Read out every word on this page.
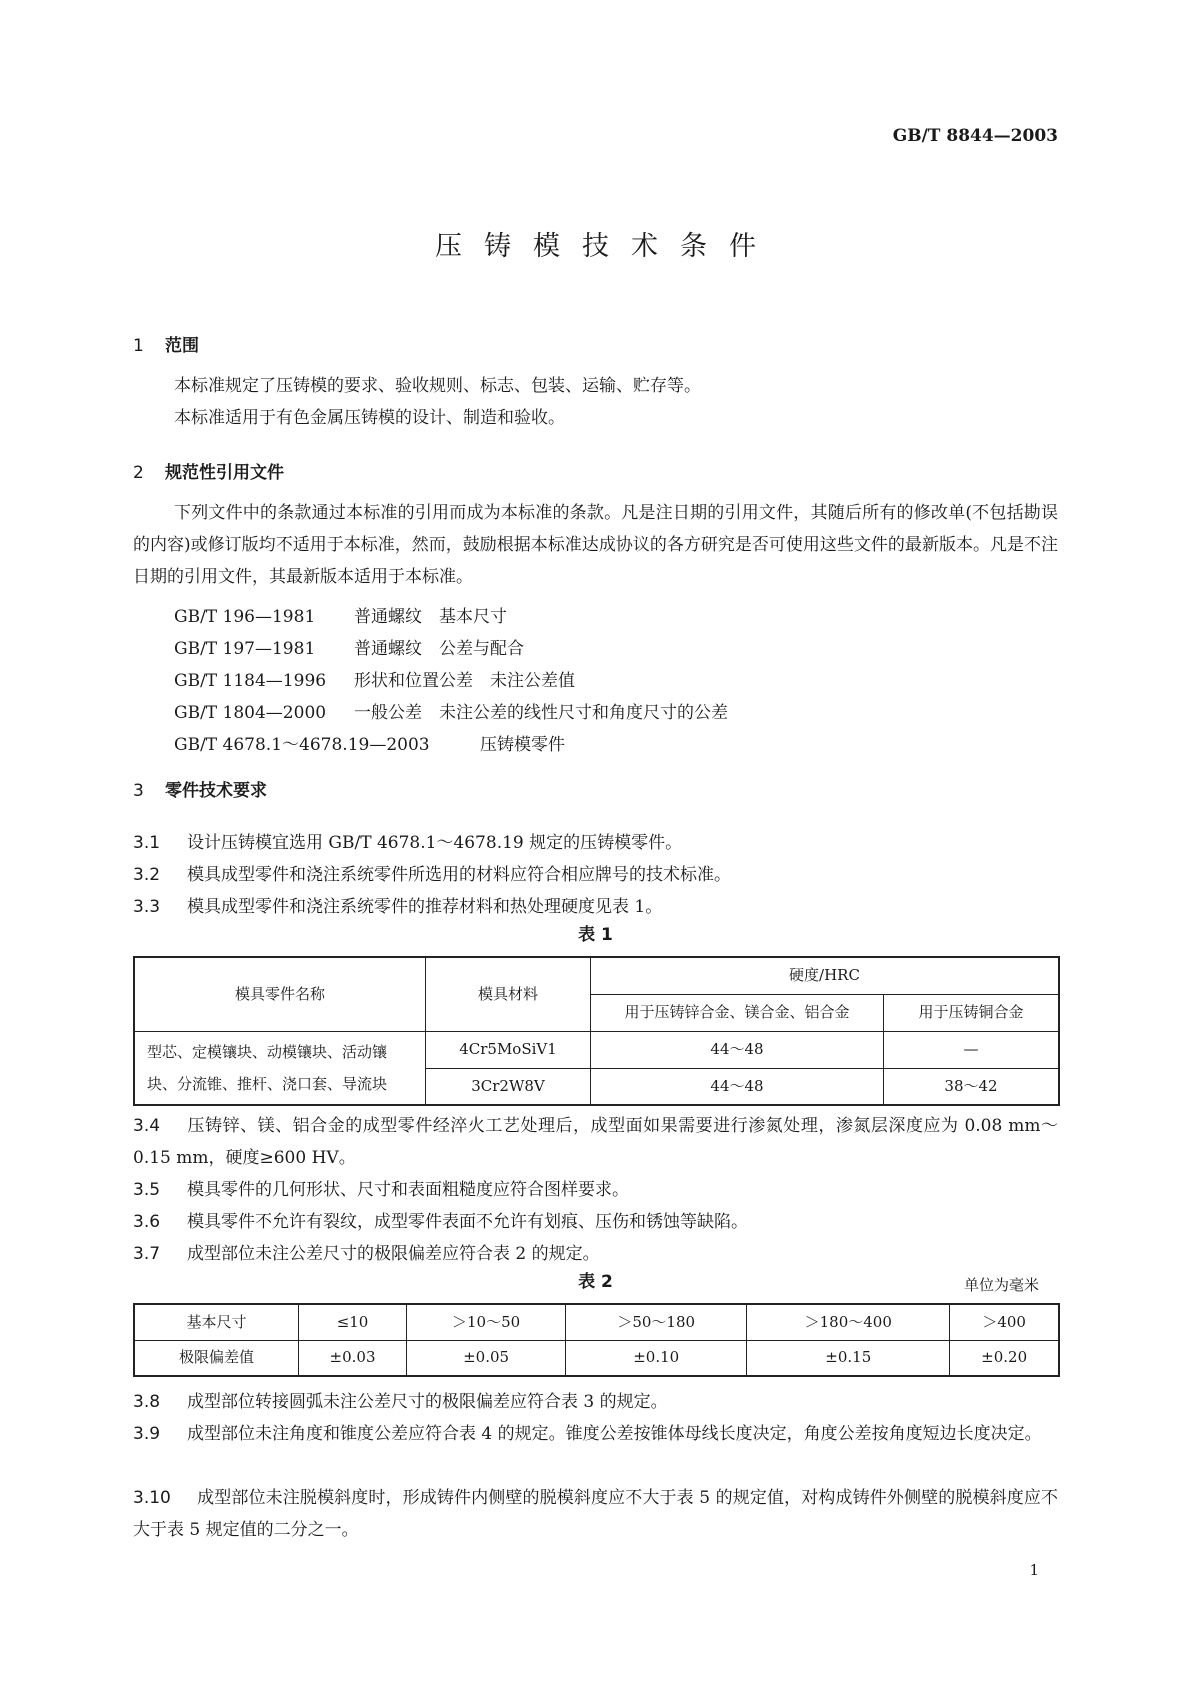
GB/T 8844—2003
压铸模技术条件
1 范围
本标准规定了压铸模的要求、验收规则、标志、包装、运输、贮存等。
本标准适用于有色金属压铸模的设计、制造和验收。
2 规范性引用文件
下列文件中的条款通过本标准的引用而成为本标准的条款。凡是注日期的引用文件，其随后所有的修改单(不包括勘误的内容)或修订版均不适用于本标准，然而，鼓励根据本标准达成协议的各方研究是否可使用这些文件的最新版本。凡是不注日期的引用文件，其最新版本适用于本标准。
GB/T 196—1981 普通螺纹　基本尺寸
GB/T 197—1981 普通螺纹　公差与配合
GB/T 1184—1996 形状和位置公差　未注公差值
GB/T 1804—2000 一般公差　未注公差的线性尺寸和角度尺寸的公差
GB/T 4678.1～4678.19—2003	压铸模零件
3 零件技术要求
3.1 设计压铸模宜选用 GB/T 4678.1～4678.19 规定的压铸模零件。
3.2 模具成型零件和浇注系统零件所选用的材料应符合相应牌号的技术标准。
3.3 模具成型零件和浇注系统零件的推荐材料和热处理硬度见表 1。
表 1
模具零件名称	模具材料	硬度/HRC	
		用于压铸锌合金、镁合金、铝合金	用于压铸铜合金

型芯、定模镶块、动模镶块、活动镶
块、分流锥、推杆、浇口套、导流块	4Cr5MoSiV1	44～48	—
	3Cr2W8V	44～48	38～42
3.4 压铸锌、镁、铝合金的成型零件经淬火工艺处理后，成型面如果需要进行渗氮处理，渗氮层深度应为 0.08 mm～0.15 mm，硬度≥600 HV。
3.5 模具零件的几何形状、尺寸和表面粗糙度应符合图样要求。
3.6 模具零件不允许有裂纹，成型零件表面不允许有划痕、压伤和锈蚀等缺陷。
3.7 成型部位未注公差尺寸的极限偏差应符合表 2 的规定。
表 2	单位为毫米
基本尺寸	≤10	＞10～50	＞50～180	＞180～400	＞400
极限偏差值	±0.03	±0.05	±0.10	±0.15	±0.20
3.8 成型部位转接圆弧未注公差尺寸的极限偏差应符合表 3 的规定。
3.9 成型部位未注角度和锥度公差应符合表 4 的规定。锥度公差按锥体母线长度决定，角度公差按角度短边长度决定。
3.10 成型部位未注脱模斜度时，形成铸件内侧壁的脱模斜度应不大于表 5 的规定值，对构成铸件外侧壁的脱模斜度应不大于表 5 规定值的二分之一。
1
